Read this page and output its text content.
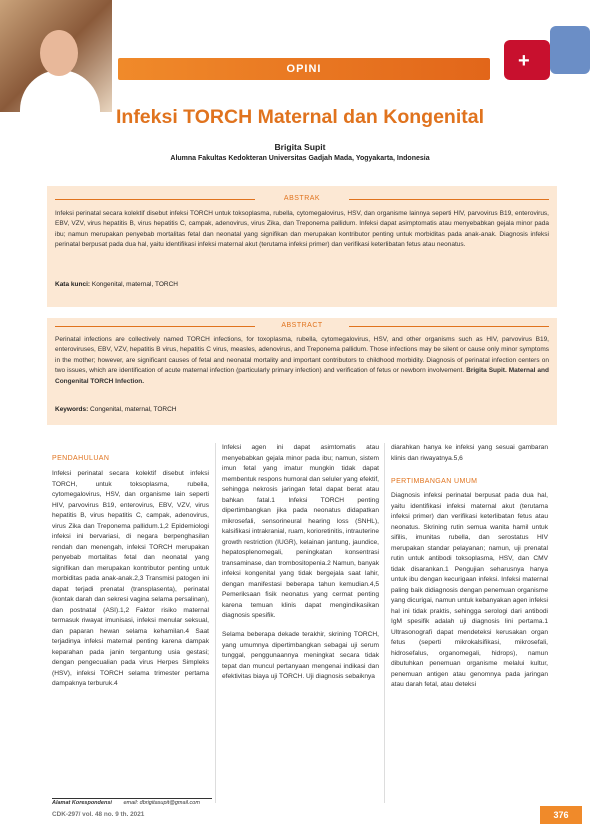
+
OPINI
Infeksi TORCH Maternal dan Kongenital
Brigita Supit
Alumna Fakultas Kedokteran Universitas Gadjah Mada, Yogyakarta, Indonesia
ABSTRAK
Infeksi perinatal secara kolektif disebut infeksi TORCH untuk toksoplasma, rubella, cytomegalovirus, HSV, dan organisme lainnya seperti HIV, parvovirus B19, enterovirus, EBV, VZV, virus hepatitis B, virus hepatitis C, campak, adenovirus, virus Zika, dan Treponema pallidum. Infeksi dapat asimptomatis atau menyebabkan gejala minor pada ibu; namun merupakan penyebab mortalitas fetal dan neonatal yang signifikan dan merupakan kontributor penting untuk morbiditas pada anak-anak. Diagnosis infeksi perinatal berpusat pada dua hal, yaitu identifikasi infeksi maternal akut (terutama infeksi primer) dan verifikasi keterlibatan fetus atau neonatus.
Kata kunci: Kongenital, maternal, TORCH
ABSTRACT
Perinatal infections are collectively named TORCH infections, for toxoplasma, rubella, cytomegalovirus, HSV, and other organisms such as HIV, parvovirus B19, enteroviruses, EBV, VZV, hepatitis B virus, hepatitis C virus, measles, adenovirus, and Treponema pallidum. Those infections may be silent or cause only minor symptoms in the mother; however, are significant causes of fetal and neonatal mortality and important contributors to childhood morbidity. Diagnosis of perinatal infection centers on two issues, which are identification of acute maternal infection (particularly primary infection) and verification of fetus or newborn involvement. Brigita Supit. Maternal and Congenital TORCH Infection.
Keywords: Congenital, maternal, TORCH
PENDAHULUAN
Infeksi perinatal secara kolektif disebut infeksi TORCH, untuk toksoplasma, rubella, cytomegalovirus, HSV, dan organisme lain seperti HIV, parvovirus B19, enterovirus, EBV, VZV, virus hepatitis B, virus hepatitis C, campak, adenovirus, virus Zika dan Treponema pallidum.1,2 Epidemiologi infeksi ini bervariasi, di negara berpenghasilan rendah dan menengah, infeksi TORCH merupakan penyebab mortalitas fetal dan neonatal yang signifikan dan merupakan kontributor penting untuk morbiditas pada anak-anak.2,3 Transmisi patogen ini dapat terjadi prenatal (transplasenta), perinatal (kontak darah dan sekresi vagina selama persalinan), dan postnatal (ASI).1,2 Faktor risiko maternal termasuk riwayat imunisasi, infeksi menular seksual, dan paparan hewan selama kehamilan.4 Saat terjadinya infeksi maternal penting karena dampak keparahan pada janin tergantung usia gestasi; dengan pengecualian pada virus Herpes Simpleks (HSV), infeksi TORCH selama trimester pertama dampaknya terburuk.4
Infeksi agen ini dapat asimtomatis atau menyebabkan gejala minor pada ibu; namun, sistem imun fetal yang imatur mungkin tidak dapat membentuk respons humoral dan seluler yang efektif, sehingga nekrosis jaringan fetal dapat berat atau bahkan fatal.1 Infeksi TORCH penting dipertimbangkan jika pada neonatus didapatkan mikrosefali, sensorineural hearing loss (SNHL), kalsifikasi intrakranial, ruam, korioretinitis, intrauterine growth restriction (IUGR), kelainan jantung, jaundice, hepatosplenomegali, peningkatan konsentrasi transaminase, dan trombositopenia.2 Namun, banyak infeksi kongenital yang tidak bergejala saat lahir, dengan manifestasi beberapa tahun kemudian.4,5 Pemeriksaan fisik neonatus yang cermat penting karena temuan klinis dapat mengindikasikan diagnosis spesifik.
Selama beberapa dekade terakhir, skrining TORCH, yang umumnya dipertimbangkan sebagai uji serum tunggal, penggunaannya meningkat secara tidak tepat dan muncul pertanyaan mengenai indikasi dan efektivitas biaya uji TORCH. Uji diagnosis sebaiknya
diarahkan hanya ke infeksi yang sesuai gambaran klinis dan riwayatnya.5,6
PERTIMBANGAN UMUM
Diagnosis infeksi perinatal berpusat pada dua hal, yaitu identifikasi infeksi maternal akut (terutama infeksi primer) dan verifikasi keterlibatan fetus atau neonatus. Skrining rutin semua wanita hamil untuk sifilis, imunitas rubella, dan serostatus HIV merupakan standar pelayanan; namun, uji prenatal rutin untuk antibodi toksoplasma, HSV, dan CMV tidak disarankan.1 Pengujian seharusnya hanya untuk ibu dengan kecurigaan infeksi. Infeksi maternal paling baik didiagnosis dengan penemuan organisme yang dicurigai, namun untuk kebanyakan agen infeksi hal ini tidak praktis, sehingga serologi dari antibodi IgM spesifik adalah uji diagnosis lini pertama.1 Ultrasonografi dapat mendeteksi kerusakan organ fetus (seperti mikrokalsifikasi, mikrosefali, hidrosefalus, organomegali, hidrops), namun dibutuhkan penemuan organisme melalui kultur, penemuan antigen atau genomnya pada jaringan atau darah fetal, atau deteksi
Alamat Korespondensi email: dbrigitasupit@gmail.com
CDK-297/ vol. 48 no. 9 th. 2021	376
